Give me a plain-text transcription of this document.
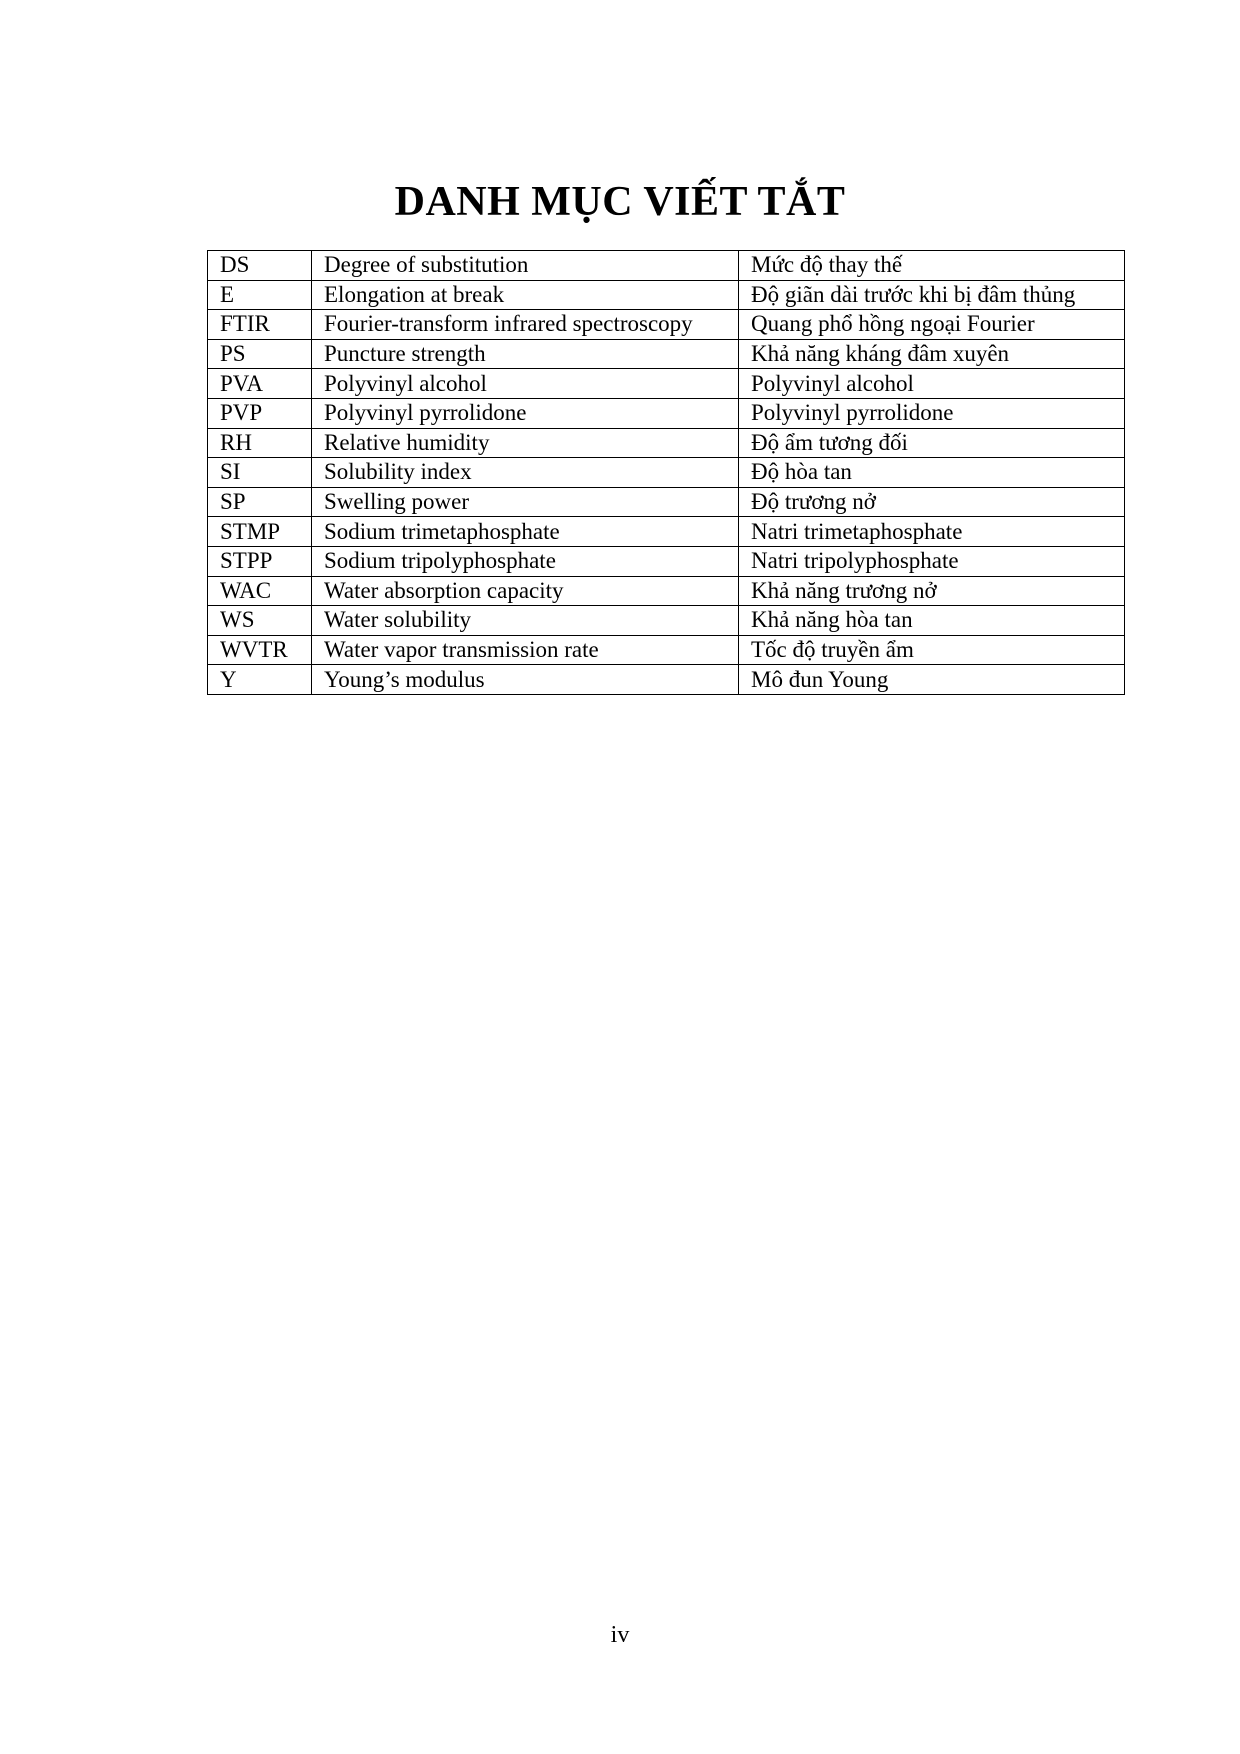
DANH MỤC VIẾT TẮT
DS	Degree of substitution	Mức độ thay thế
E	Elongation at break	Độ giãn dài trước khi bị đâm thủng
FTIR	Fourier-transform infrared spectroscopy	Quang phổ hồng ngoại Fourier
PS	Puncture strength	Khả năng kháng đâm xuyên
PVA	Polyvinyl alcohol	Polyvinyl alcohol
PVP	Polyvinyl pyrrolidone	Polyvinyl pyrrolidone
RH	Relative humidity	Độ ẩm tương đối
SI	Solubility index	Độ hòa tan
SP	Swelling power	Độ trương nở
STMP	Sodium trimetaphosphate	Natri trimetaphosphate
STPP	Sodium tripolyphosphate	Natri tripolyphosphate
WAC	Water absorption capacity	Khả năng trương nở
WS	Water solubility	Khả năng hòa tan
WVTR	Water vapor transmission rate	Tốc độ truyền ẩm
Y	Young’s modulus	Mô đun Young
iv
